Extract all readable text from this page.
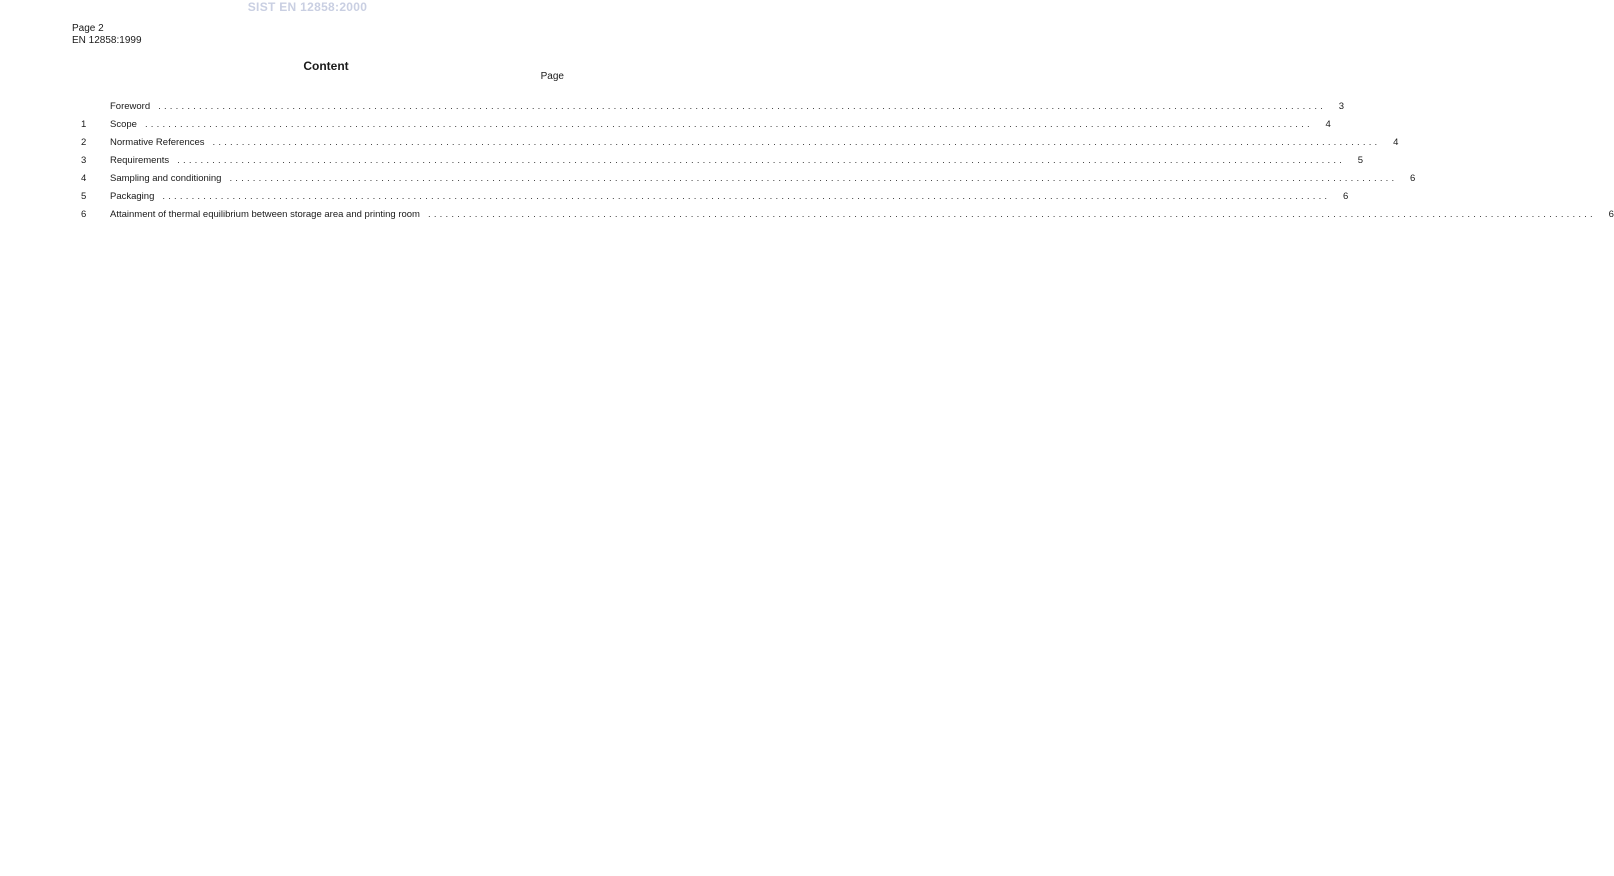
SIST EN 12858:2000
Page 2
EN 12858:1999
Content
Page
Foreword ........................................................................................................................................................................................................	3
1	Scope ........................................................................................................................................................................................................	4
2	Normative References ........................................................................................................................................................................................................	4
3	Requirements ........................................................................................................................................................................................................	5
4	Sampling and conditioning ........................................................................................................................................................................................................	6
5	Packaging ........................................................................................................................................................................................................	6
6	Attainment of thermal equilibrium between storage area and printing room ........................................................................................................................................................................................................	6
